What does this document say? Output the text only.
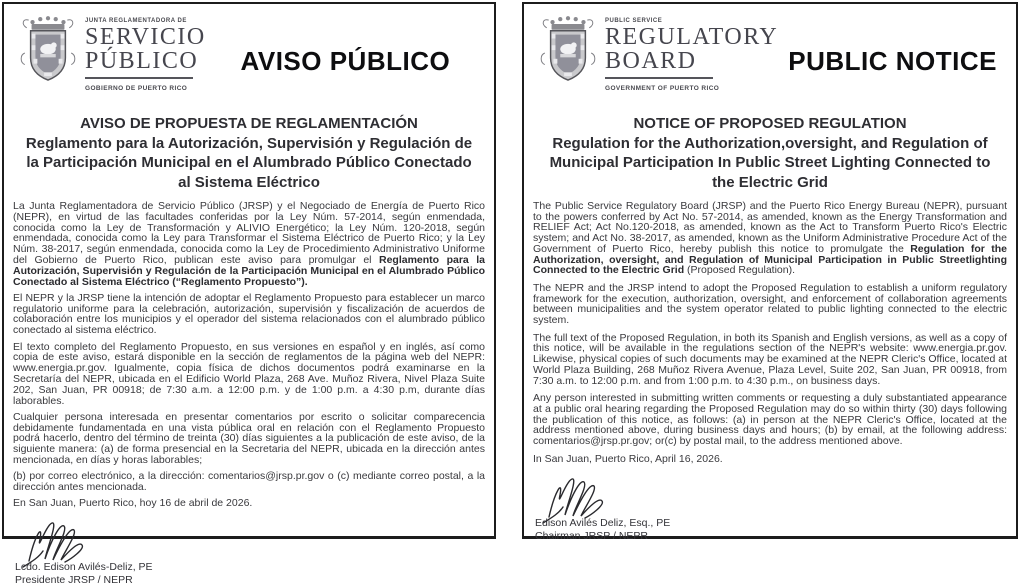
JUNTA REGLAMENTADORA DE
SERVICIO
PÚBLICO
GOBIERNO DE PUERTO RICO
AVISO PÚBLICO
AVISO DE PROPUESTA DE REGLAMENTACIÓN
Reglamento para la Autorización, Supervisión y Regulación de la Participación Municipal en el Alumbrado Público Conectado al Sistema Eléctrico

La Junta Reglamentadora de Servicio Público (JRSP) y el Negociado de Energía de Puerto Rico (NEPR), en virtud de las facultades conferidas por la Ley Núm. 57-2014, según enmendada, conocida como la Ley de Transformación y ALIVIO Energético; la Ley Núm. 120-2018, según enmendada, conocida como la Ley para Transformar el Sistema Eléctrico de Puerto Rico; y la Ley Núm. 38-2017, según enmendada, conocida como la Ley de Procedimiento Administrativo Uniforme del Gobierno de Puerto Rico, publican este aviso para promulgar el Reglamento para la Autorización, Supervisión y Regulación de la Participación Municipal en el Alumbrado Público Conectado al Sistema Eléctrico (“Reglamento Propuesto”).

El NEPR y la JRSP tiene la intención de adoptar el Reglamento Propuesto para establecer un marco regulatorio uniforme para la celebración, autorización, supervisión y fiscalización de acuerdos de colaboración entre los municipios y el operador del sistema relacionados con el alumbrado público conectado al sistema eléctrico.

El texto completo del Reglamento Propuesto, en sus versiones en español y en inglés, así como copia de este aviso, estará disponible en la sección de reglamentos de la página web del NEPR: www.energia.pr.gov. Igualmente, copia física de dichos documentos podrá examinarse en la Secretaría del NEPR, ubicada en el Edificio World Plaza, 268 Ave. Muñoz Rivera, Nivel Plaza Suite 202, San Juan, PR 00918; de 7:30 a.m. a 12:00 p.m. y de 1:00 p.m. a 4:30 p.m, durante días laborables.

Cualquier persona interesada en presentar comentarios por escrito o solicitar comparecencia debidamente fundamentada en una vista pública oral en relación con el Reglamento Propuesto podrá hacerlo, dentro del término de treinta (30) días siguientes a la publicación de este aviso, de la siguiente manera: (a) de forma presencial en la Secretaria del NEPR, ubicada en la dirección antes mencionada, en días y horas laborables;

(b) por correo electrónico, a la dirección: comentarios@jrsp.pr.gov o (c) mediante correo postal, a la dirección antes mencionada.

En San Juan, Puerto Rico, hoy 16 de abril de 2026.

Lcdo. Edison Avilés-Deliz, PE
Presidente JRSP / NEPR
PUBLIC SERVICE
REGULATORY
BOARD
GOVERNMENT OF PUERTO RICO
PUBLIC NOTICE
NOTICE OF PROPOSED REGULATION
Regulation for the Authorization,oversight, and Regulation of Municipal Participation In Public Street Lighting Connected to the Electric Grid

The Public Service Regulatory Board (JRSP) and the Puerto Rico Energy Bureau (NEPR), pursuant to the powers conferred by Act No. 57-2014, as amended, known as the Energy Transformation and RELIEF Act; Act No.120-2018, as amended, known as the Act to Transform Puerto Rico's Electric system; and Act No. 38-2017, as amended, known as the Uniform Administrative Procedure Act of the Government of Puerto Rico, hereby publish this notice to promulgate the Regulation for the Authorization, oversight, and Regulation of Municipal Participation in Public Streetlighting Connected to the Electric Grid (Proposed Regulation).

The NEPR and the JRSP intend to adopt the Proposed Regulation to establish a uniform regulatory framework for the execution, authorization, oversight, and enforcement of collaboration agreements between municipalities and the system operator related to public lighting connected to the electric system.

The full text of the Proposed Regulation, in both its Spanish and English versions, as well as a copy of this notice, will be available in the regulations section of the NEPR's website: www.energia.pr.gov. Likewise, physical copies of such documents may be examined at the NEPR Cleric's Office, located at World Plaza Building, 268 Muñoz Rivera Avenue, Plaza Level, Suite 202, San Juan, PR 00918, from 7:30 a.m. to 12:00 p.m. and from 1:00 p.m. to 4:30 p.m., on business days.

Any person interested in submitting written comments or requesting a duly substantiated appearance at a public oral hearing regarding the Proposed Regulation may do so within thirty (30) days following the publication of this notice, as follows: (a) in person at the NEPR Cleric's Office, located at the address mentioned above, during business days and hours; (b) by email, at the following address: comentarios@jrsp.pr.gov; or(c) by postal mail, to the address mentioned above.

In San Juan, Puerto Rico, April 16, 2026.

Edison Avilés Deliz, Esq., PE
Chairman JRSP / NEPR
